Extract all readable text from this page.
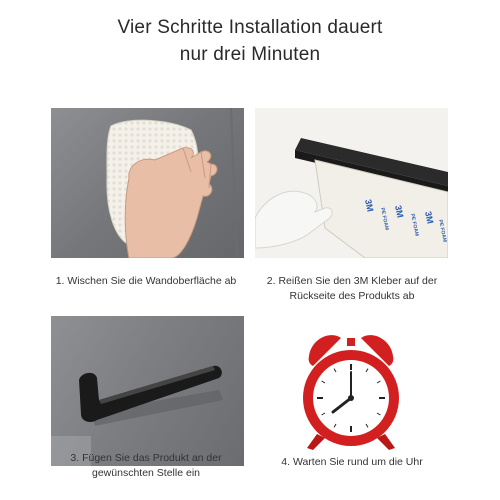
Vier Schritte Installation dauert
nur drei Minuten
3M 3M 3M
PE FOAM	PE FOAM	PE FOAM
1. Wischen Sie die Wandoberfläche ab	2. Reißen Sie den 3M Kleber auf der
Rückseite des Produkts ab
3. Fügen Sie das Produkt an der
gewünschten Stelle ein
4. Warten Sie rund um die Uhr
